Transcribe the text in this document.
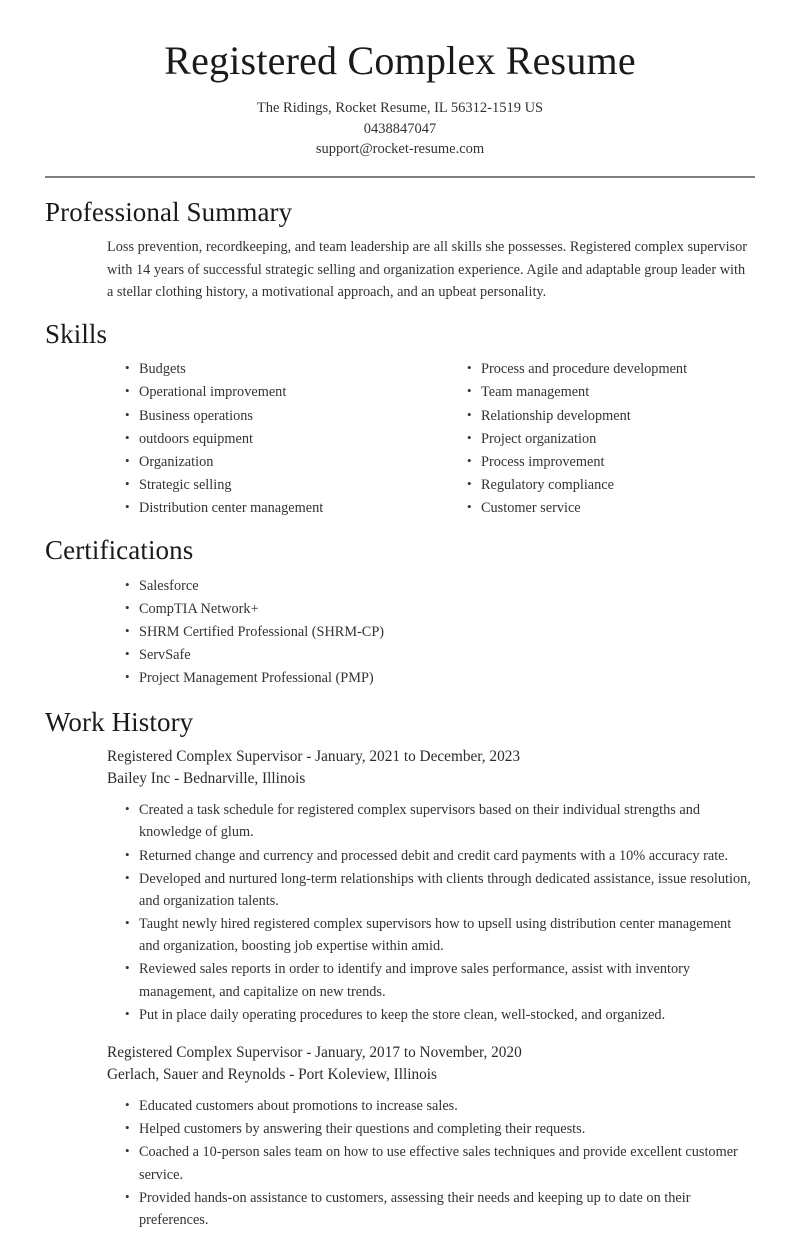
Registered Complex Resume
The Ridings, Rocket Resume, IL 56312-1519 US
0438847047
support@rocket-resume.com
Professional Summary

Loss prevention, recordkeeping, and team leadership are all skills she possesses. Registered complex supervisor with 14 years of successful strategic selling and organization experience. Agile and adaptable group leader with a stellar clothing history, a motivational approach, and an upbeat personality.

Skills
• Budgets
• Operational improvement
• Business operations
• outdoors equipment
• Organization
• Strategic selling
• Distribution center management
• Process and procedure development
• Team management
• Relationship development
• Project organization
• Process improvement
• Regulatory compliance
• Customer service
Certifications
• Salesforce
• CompTIA Network+
• SHRM Certified Professional (SHRM-CP)
• ServSafe
• Project Management Professional (PMP)
Work History
Registered Complex Supervisor - January, 2021 to December, 2023
Bailey Inc - Bednarville, Illinois
• Created a task schedule for registered complex supervisors based on their individual strengths and knowledge of glum.
• Returned change and currency and processed debit and credit card payments with a 10% accuracy rate.
• Developed and nurtured long-term relationships with clients through dedicated assistance, issue resolution, and organization talents.
• Taught newly hired registered complex supervisors how to upsell using distribution center management and organization, boosting job expertise within amid.
• Reviewed sales reports in order to identify and improve sales performance, assist with inventory management, and capitalize on new trends.
• Put in place daily operating procedures to keep the store clean, well-stocked, and organized.
Registered Complex Supervisor - January, 2017 to November, 2020
Gerlach, Sauer and Reynolds - Port Koleview, Illinois
• Educated customers about promotions to increase sales.
• Helped customers by answering their questions and completing their requests.
• Coached a 10-person sales team on how to use effective sales techniques and provide excellent customer service.
• Provided hands-on assistance to customers, assessing their needs and keeping up to date on their preferences.
